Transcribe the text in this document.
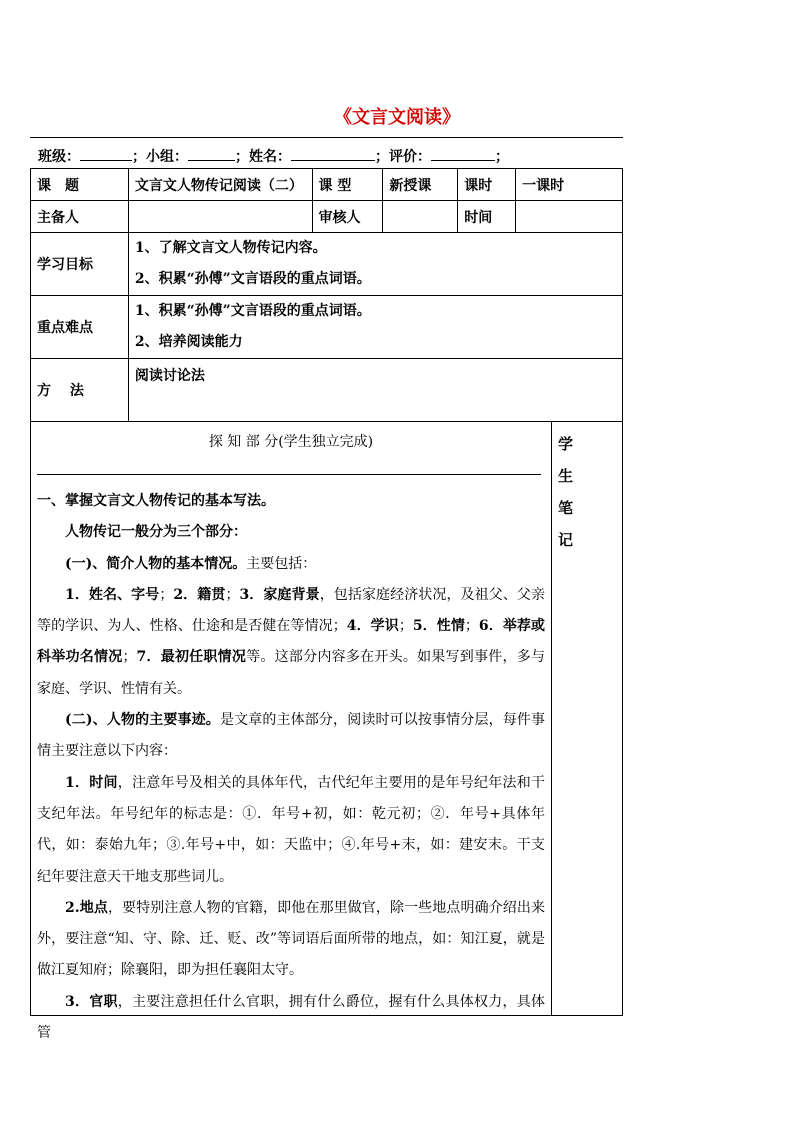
《文言文阅读》
班级：	；小组：	；姓名：	；评价：	；
课　题	文言文人物传记阅读（二）	课 型	新授课	课时	一课时
主备人		审核人		时间	
学习目标	1、了解文言文人物传记内容。
2、积累“孙傅”文言语段的重点词语。				

重点难点	1、积累“孙傅”文言语段的重点词语。
2、培养阅读能力				

方　 法	阅读讨论法				
探 知 部 分(学生独立完成)	学 生 笔 记

一、掌握文言文人物传记的基本写法。

人物传记一般分为三个部分：

(一)、简介人物的基本情况。主要包括：

1．姓名、字号；2．籍贯；3．家庭背景，包括家庭经济状况，及祖父、父亲等的学识、为人、性格、仕途和是否健在等情况；4．学识；5．性情；6．举荐或科举功名情况；7．最初任职情况等。这部分内容多在开头。如果写到事件，多与家庭、学识、性情有关。

(二)、人物的主要事迹。是文章的主体部分，阅读时可以按事情分层，每件事情主要注意以下内容：

1．时间，注意年号及相关的具体年代，古代纪年主要用的是年号纪年法和干支纪年法。年号纪年的标志是：①．年号+初，如：乾元初；②．年号+具体年代，如：泰始九年；③.年号+中，如：天监中；④.年号+末，如：建安末。干支纪年要注意天干地支那些词儿。

2.地点，要特别注意人物的官籍，即他在那里做官，除一些地点明确介绍出来外，要注意“知、守、除、迁、贬、改”等词语后面所带的地点，如：知江夏，就是做江夏知府；除襄阳，即为担任襄阳太守。

3．官职，主要注意担任什么官职，拥有什么爵位，握有什么具体权力，具体管
